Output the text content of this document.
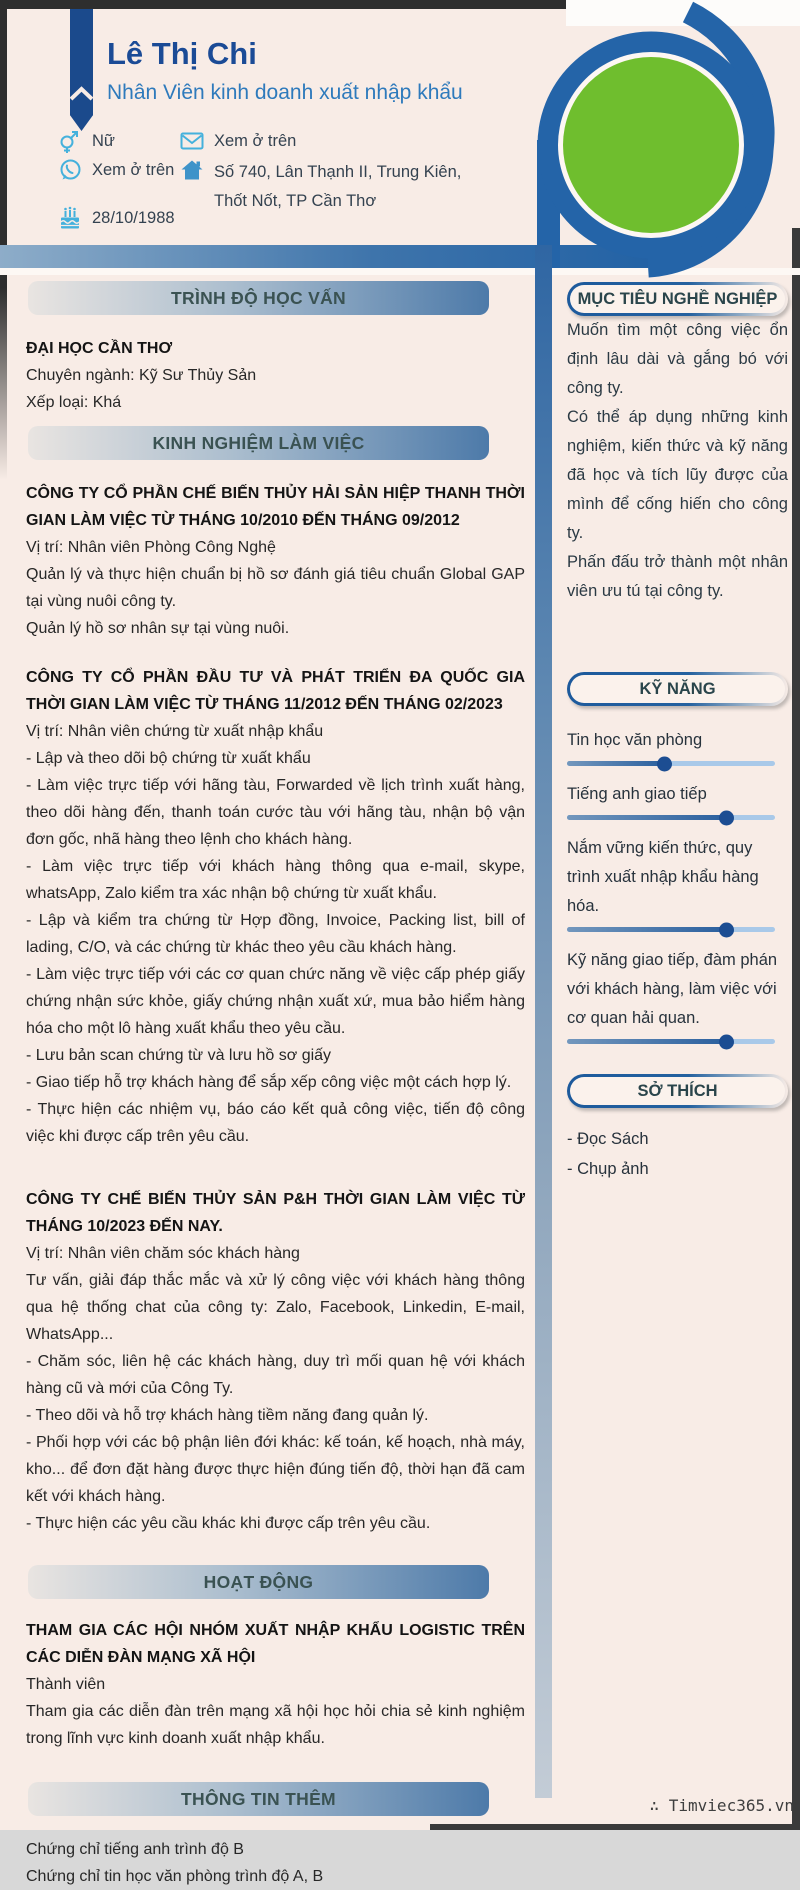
Lê Thị Chi
Nhân Viên kinh doanh xuất nhập khẩu
Nữ	Xem ở trên
Xem ở trên Số 740, Lân Thạnh II, Trung Kiên,
Thốt Nốt, TP Cần Thơ
28/10/1988
TRÌNH ĐỘ HỌC VẤN

ĐẠI HỌC CẦN THƠ

Chuyên ngành: Kỹ Sư Thủy Sản

Xếp loại: Khá

KINH NGHIỆM LÀM VIỆC

CÔNG TY CỔ PHẦN CHẾ BIẾN THỦY HẢI SẢN HIỆP THANH THỜI GIAN LÀM VIỆC TỪ THÁNG 10/2010 ĐẾN THÁNG 09/2012

Vị trí: Nhân viên Phòng Công Nghệ

Quản lý và thực hiện chuẩn bị hồ sơ đánh giá tiêu chuẩn Global GAP tại vùng nuôi công ty.

Quản lý hồ sơ nhân sự tại vùng nuôi.

CÔNG TY CỔ PHẦN ĐẦU TƯ VÀ PHÁT TRIỂN ĐA QUỐC GIA THỜI GIAN LÀM VIỆC TỪ THÁNG 11/2012 ĐẾN THÁNG 02/2023

Vị trí: Nhân viên chứng từ xuất nhập khẩu

- Lập và theo dõi bộ chứng từ xuất khẩu

- Làm việc trực tiếp với hãng tàu, Forwarded về lịch trình xuất hàng, theo dõi hàng đến, thanh toán cước tàu với hãng tàu, nhận bộ vận đơn gốc, nhã hàng theo lệnh cho khách hàng.

- Làm việc trực tiếp với khách hàng thông qua e-mail, skype, whatsApp, Zalo kiểm tra xác nhận bộ chứng từ xuất khẩu.

- Lập và kiểm tra chứng từ Hợp đồng, Invoice, Packing list, bill of lading, C/O, và các chứng từ khác theo yêu cầu khách hàng.

- Làm việc trực tiếp với các cơ quan chức năng về việc cấp phép giấy chứng nhận sức khỏe, giấy chứng nhận xuất xứ, mua bảo hiểm hàng hóa cho một lô hàng xuất khẩu theo yêu cầu.

- Lưu bản scan chứng từ và lưu hồ sơ giấy

- Giao tiếp hỗ trợ khách hàng để sắp xếp công việc một cách hợp lý.

- Thực hiện các nhiệm vụ, báo cáo kết quả công việc, tiến độ công việc khi được cấp trên yêu cầu.

CÔNG TY CHẾ BIẾN THỦY SẢN P&H THỜI GIAN LÀM VIỆC TỪ THÁNG 10/2023 ĐẾN NAY.

Vị trí: Nhân viên chăm sóc khách hàng

Tư vấn, giải đáp thắc mắc và xử lý công việc với khách hàng thông qua hệ thống chat của công ty: Zalo, Facebook, Linkedin, E-mail, WhatsApp...

- Chăm sóc, liên hệ các khách hàng, duy trì mối quan hệ với khách hàng cũ và mới của Công Ty.

- Theo dõi và hỗ trợ khách hàng tiềm năng đang quản lý.

- Phối hợp với các bộ phận liên đới khác: kế toán, kế hoạch, nhà máy, kho... để đơn đặt hàng được thực hiện đúng tiến độ, thời hạn đã cam kết với khách hàng.

- Thực hiện các yêu cầu khác khi được cấp trên yêu cầu.

HOẠT ĐỘNG

THAM GIA CÁC HỘI NHÓM XUẤT NHẬP KHẨU LOGISTIC TRÊN CÁC DIỄN ĐÀN MẠNG XÃ HỘI

Thành viên

Tham gia các diễn đàn trên mạng xã hội học hỏi chia sẻ kinh nghiệm trong lĩnh vực kinh doanh xuất nhập khẩu.

THÔNG TIN THÊM

Chứng chỉ tiếng anh trình độ B

Chứng chỉ tin học văn phòng trình độ A, B

MỤC TIÊU NGHỀ NGHIỆP

Muốn tìm một công việc ổn định lâu dài và gắng bó với công ty.

Có thể áp dụng những kinh nghiệm, kiến thức và kỹ năng đã học và tích lũy được của mình để cống hiến cho công ty.

Phấn đấu trở thành một nhân viên ưu tú tại công ty.

KỸ NĂNG
Tin học văn phòng
Tiếng anh giao tiếp
Nắm vững kiến thức, quy trình xuất nhập khẩu hàng hóa.
Kỹ năng giao tiếp, đàm phán với khách hàng, làm việc với cơ quan hải quan.
SỞ THÍCH

- Đọc Sách

- Chụp ảnh

∴ Timviec365.vn
